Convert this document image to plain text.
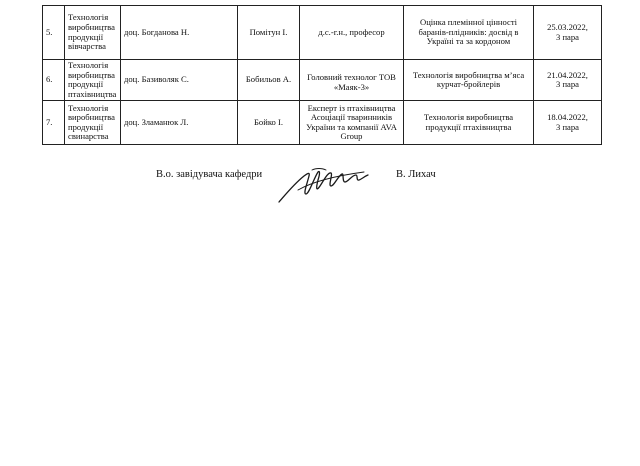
5.	Технологія виробництва продукції вівчарства	доц. Богданова Н.	Помітун І.	д.с.-г.н., професор	Оцінка племінної цінності баранів-плідників: досвід в Україні та за кордоном	25.03.2022,
3 пара

6.	Технологія виробництва продукції птахівництва	доц. Базиволяк С.	Бобильов А.	Головний технолог ТОВ «Маяк-3»	Технологія виробництва м’яса курчат-бройлерів	21.04.2022,
3 пара

7.	Технологія виробництва продукції свинарства	доц. Зламанюк Л.	Бойко І.	Експерт із птахівництва Асоціації тваринників України та компанії AVA Group	Технологія виробництва продукції птахівництва	18.04.2022,
3 пара
В.о. завідувача кафедри	В. Лихач
